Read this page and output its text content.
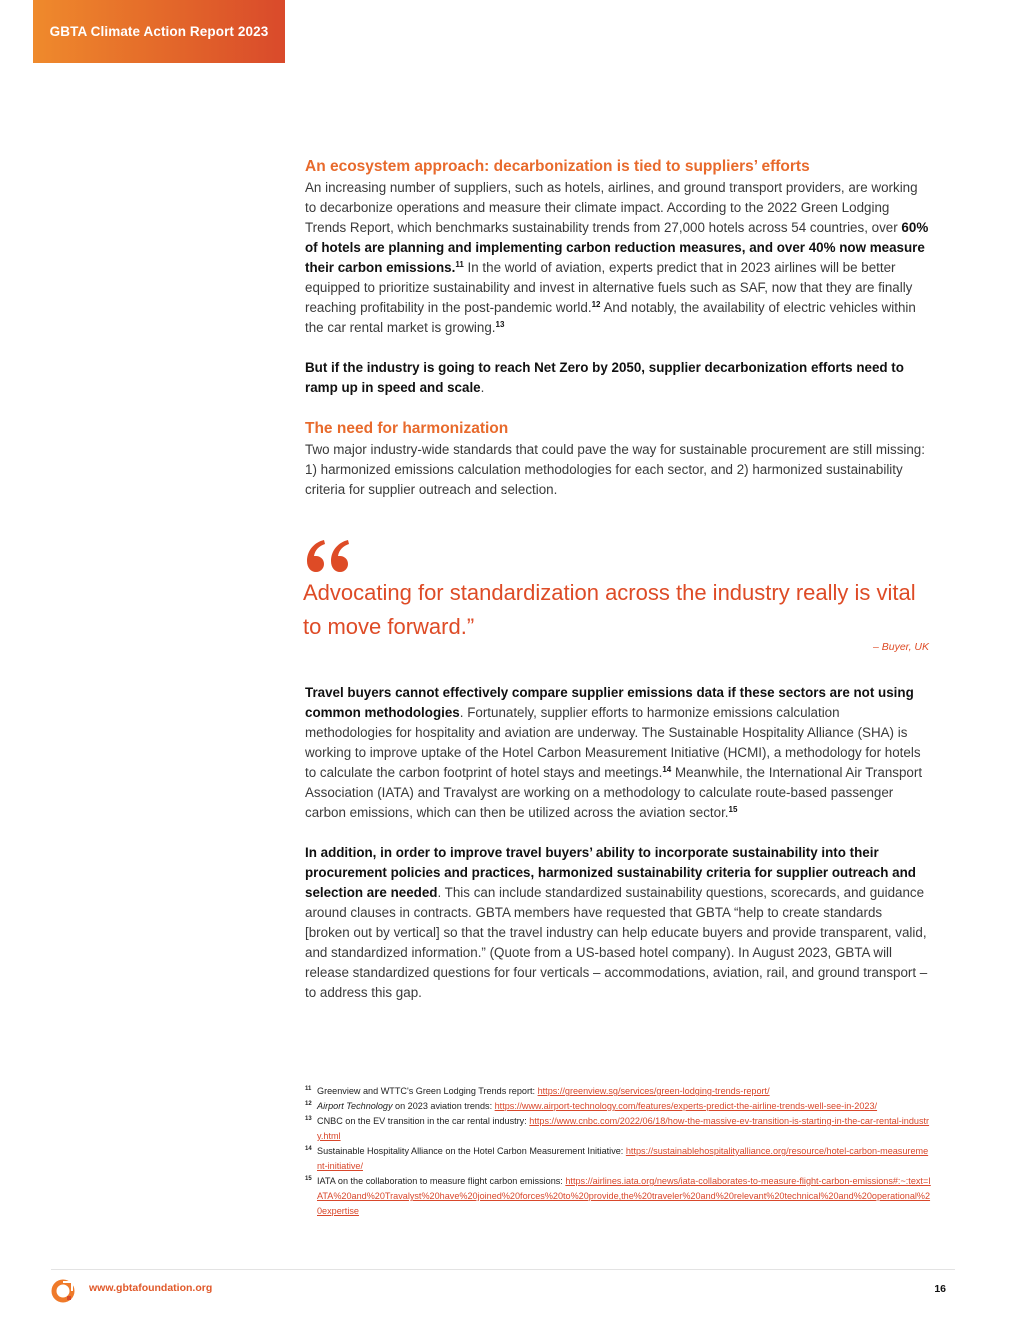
GBTA Climate Action Report 2023
An ecosystem approach: decarbonization is tied to suppliers’ efforts

An increasing number of suppliers, such as hotels, airlines, and ground transport providers, are working to decarbonize operations and measure their climate impact. According to the 2022 Green Lodging Trends Report, which benchmarks sustainability trends from 27,000 hotels across 54 countries, over 60% of hotels are planning and implementing carbon reduction measures, and over 40% now measure their carbon emissions.$^{11}$ In the world of aviation, experts predict that in 2023 airlines will be better equipped to prioritize sustainability and invest in alternative fuels such as SAF, now that they are finally reaching profitability in the post-pandemic world.$^{12}$ And notably, the availability of electric vehicles within the car rental market is growing.$^{13}$

But if the industry is going to reach Net Zero by 2050, supplier decarbonization efforts need to ramp up in speed and scale.

The need for harmonization

Two major industry-wide standards that could pave the way for sustainable procurement are still missing: 1) harmonized emissions calculation methodologies for each sector, and 2) harmonized sustainability criteria for supplier outreach and selection.

Advocating for standardization across the industry really is vital to move forward.”
– Buyer, UK

Travel buyers cannot effectively compare supplier emissions data if these sectors are not using common methodologies. Fortunately, supplier efforts to harmonize emissions calculation methodologies for hospitality and aviation are underway. The Sustainable Hospitality Alliance (SHA) is working to improve uptake of the Hotel Carbon Measurement Initiative (HCMI), a methodology for hotels to calculate the carbon footprint of hotel stays and meetings.$^{14}$ Meanwhile, the International Air Transport Association (IATA) and Travalyst are working on a methodology to calculate route-based passenger carbon emissions, which can then be utilized across the aviation sector.$^{15}$

In addition, in order to improve travel buyers’ ability to incorporate sustainability into their procurement policies and practices, harmonized sustainability criteria for supplier outreach and selection are needed. This can include standardized sustainability questions, scorecards, and guidance around clauses in contracts. GBTA members have requested that GBTA “help to create standards [broken out by vertical] so that the travel industry can help educate buyers and provide transparent, valid, and standardized information.” (Quote from a US-based hotel company). In August 2023, GBTA will release standardized questions for four verticals – accommodations, aviation, rail, and ground transport – to address this gap.

11 Greenview and WTTC's Green Lodging Trends report: https://greenview.sg/services/green-lodging-trends-report/
12 Airport Technology on 2023 aviation trends: https://www.airport-technology.com/features/experts-predict-the-airline-trends-well-see-in-2023/
13 CNBC on the EV transition in the car rental industry: https://www.cnbc.com/2022/06/18/how-the-massive-ev-transition-is-starting-in-the-car-rental-industry.html
14 Sustainable Hospitality Alliance on the Hotel Carbon Measurement Initiative: https://sustainablehospitalityalliance.org/resource/hotel-carbon-measurement-initiative/
15 IATA on the collaboration to measure flight carbon emissions: https://airlines.iata.org/news/iata-collaborates-to-measure-flight-carbon-emissions#:~:text=IATA%20and%20Travalyst%20have%20joined%20forces%20to%20provide,the%20traveler%20and%20relevant%20technical%20and%20operational%20expertise
www.gbtafoundation.org	16
